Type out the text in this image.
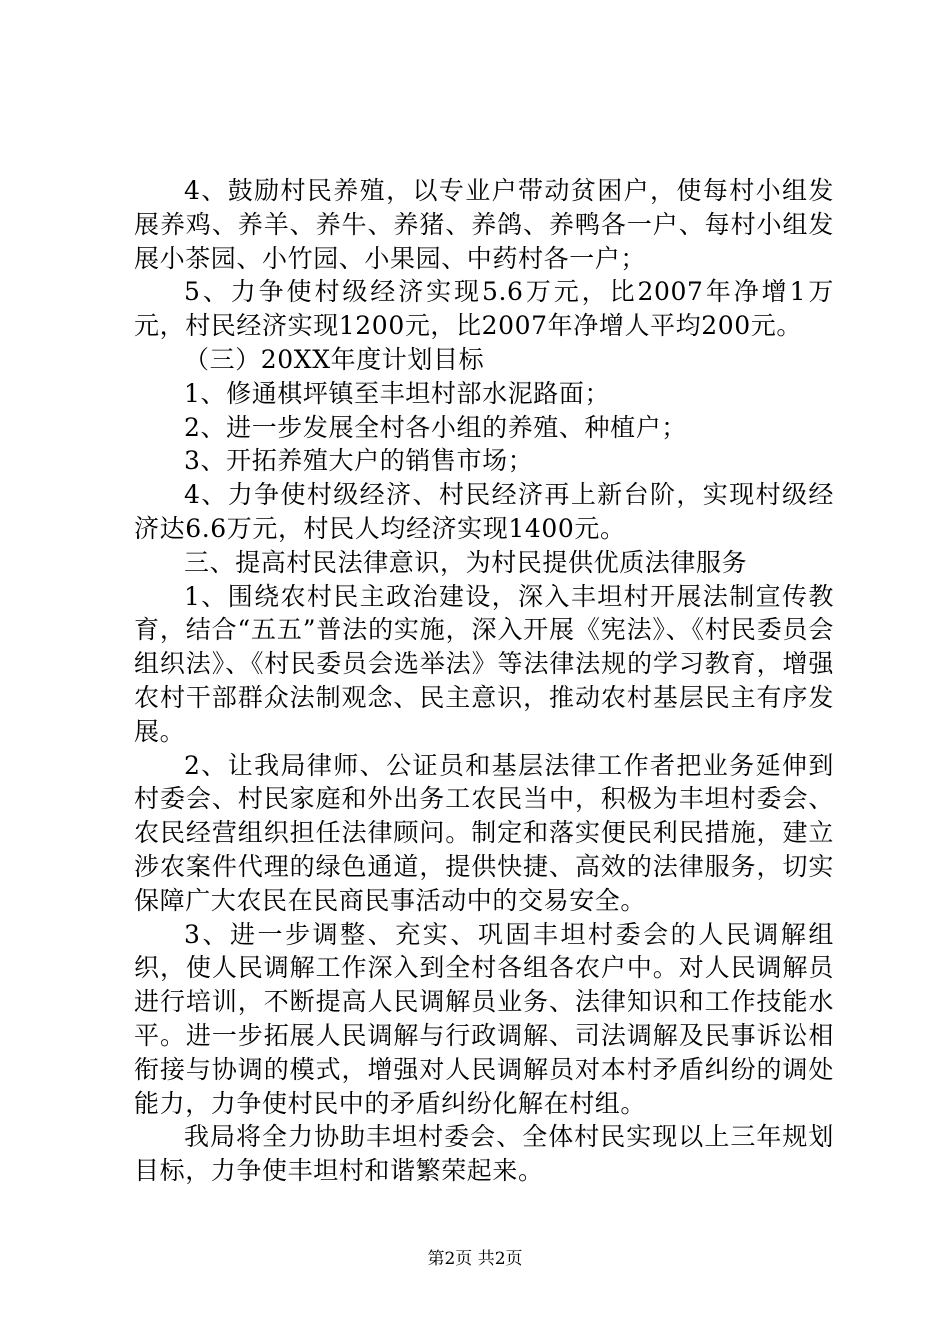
4、鼓励村民养殖，以专业户带动贫困户，使每村小组发展养鸡、养羊、养牛、养猪、养鸽、养鸭各一户、每村小组发展小茶园、小竹园、小果园、中药村各一户；

5、力争使村级经济实现5.6万元，比2007年净增1万元，村民经济实现1200元，比2007年净增人平均200元。

（三）20XX年度计划目标

1、修通棋坪镇至丰坦村部水泥路面；

2、进一步发展全村各小组的养殖、种植户；

3、开拓养殖大户的销售市场；

4、力争使村级经济、村民经济再上新台阶，实现村级经济达6.6万元，村民人均经济实现1400元。

三、提高村民法律意识，为村民提供优质法律服务

1、围绕农村民主政治建设，深入丰坦村开展法制宣传教育，结合“五五”普法的实施，深入开展《宪法》、《村民委员会组织法》、《村民委员会选举法》等法律法规的学习教育，增强农村干部群众法制观念、民主意识，推动农村基层民主有序发展。

2、让我局律师、公证员和基层法律工作者把业务延伸到村委会、村民家庭和外出务工农民当中，积极为丰坦村委会、农民经营组织担任法律顾问。制定和落实便民利民措施，建立涉农案件代理的绿色通道，提供快捷、高效的法律服务，切实保障广大农民在民商民事活动中的交易安全。

3、进一步调整、充实、巩固丰坦村委会的人民调解组织，使人民调解工作深入到全村各组各农户中。对人民调解员进行培训，不断提高人民调解员业务、法律知识和工作技能水平。进一步拓展人民调解与行政调解、司法调解及民事诉讼相衔接与协调的模式，增强对人民调解员对本村矛盾纠纷的调处能力，力争使村民中的矛盾纠纷化解在村组。

我局将全力协助丰坦村委会、全体村民实现以上三年规划目标，力争使丰坦村和谐繁荣起来。

第2页 共2页
